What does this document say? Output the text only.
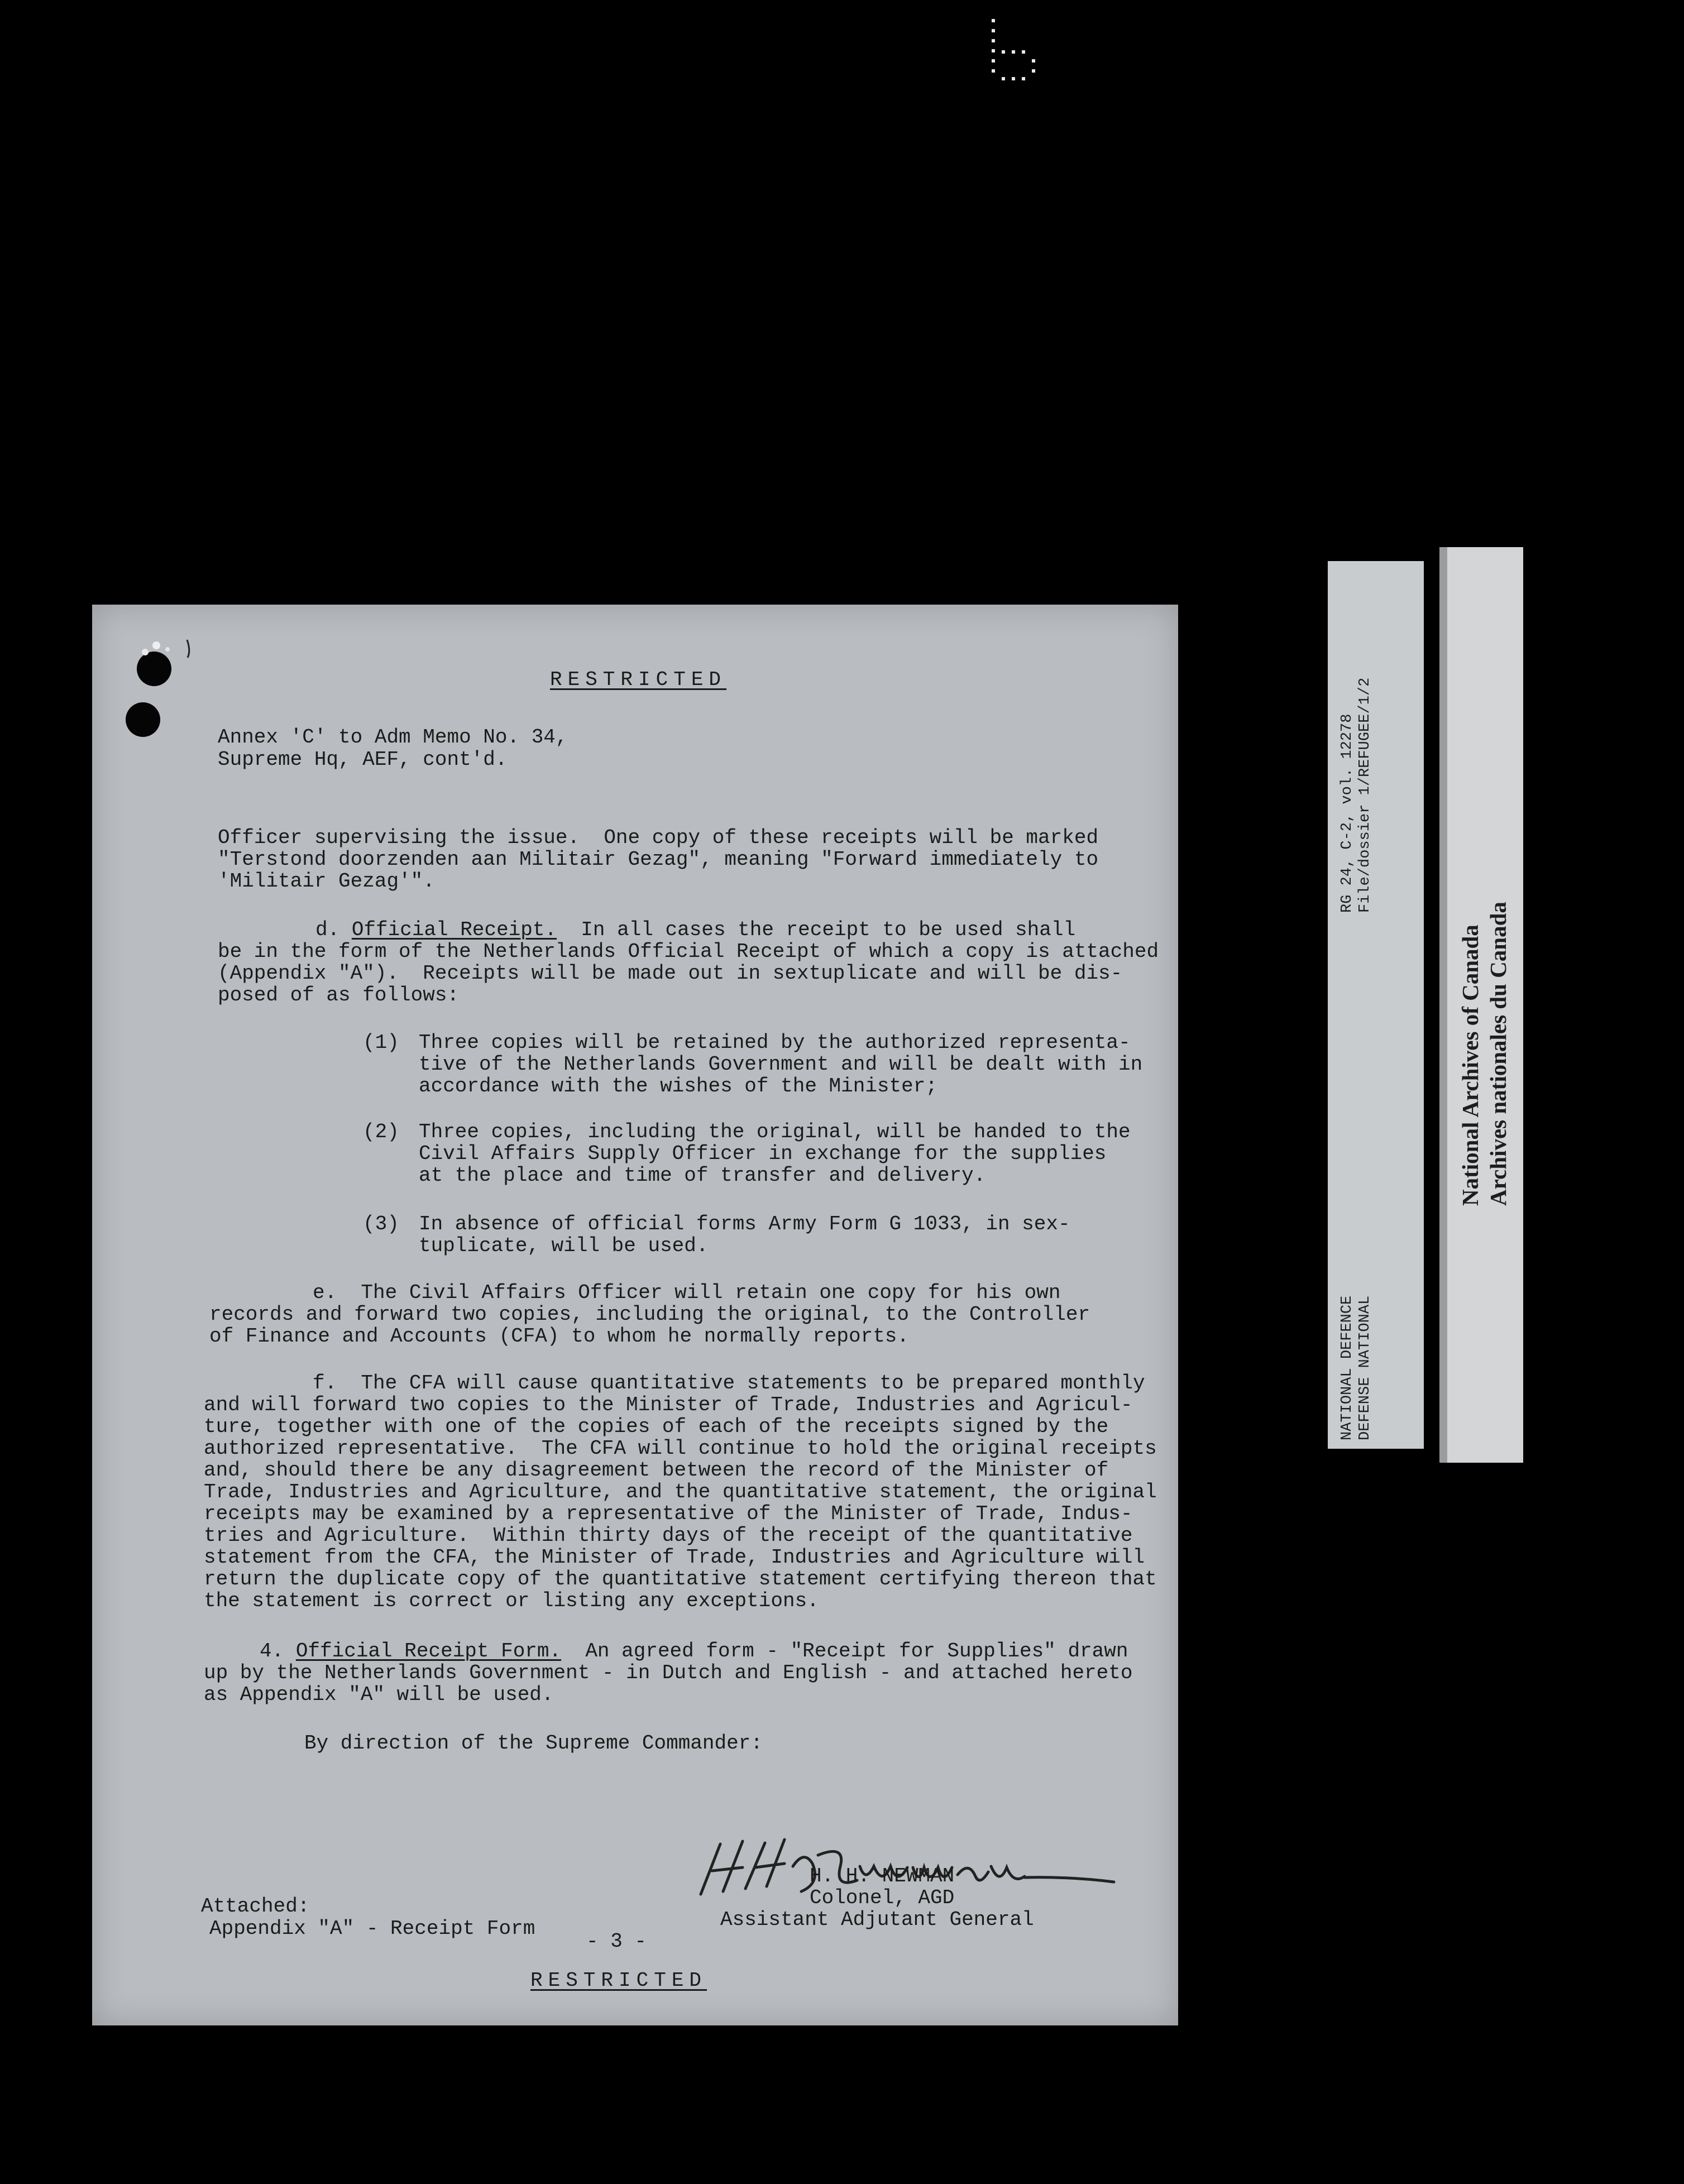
RESTRICTED
Annex 'C' to Adm Memo No. 34,
Supreme Hq, AEF, cont'd.
Officer supervising the issue.  One copy of these receipts will be marked
"Terstond doorzenden aan Militair Gezag", meaning "Forward immediately to
'Militair Gezag'".
d. Official Receipt.  In all cases the receipt to be used shall
be in the form of the Netherlands Official Receipt of which a copy is attached
(Appendix "A").  Receipts will be made out in sextuplicate and will be dis-
posed of as follows:
(1) Three copies will be retained by the authorized representa-
tive of the Netherlands Government and will be dealt with in
accordance with the wishes of the Minister;
(2) Three copies, including the original, will be handed to the
Civil Affairs Supply Officer in exchange for the supplies
at the place and time of transfer and delivery.
(3) In absence of official forms Army Form G 1033, in sex-
tuplicate, will be used.
e.  The Civil Affairs Officer will retain one copy for his own
records and forward two copies, including the original, to the Controller
of Finance and Accounts (CFA) to whom he normally reports.
f.  The CFA will cause quantitative statements to be prepared monthly
and will forward two copies to the Minister of Trade, Industries and Agricul-
ture, together with one of the copies of each of the receipts signed by the
authorized representative.  The CFA will continue to hold the original receipts
and, should there be any disagreement between the record of the Minister of
Trade, Industries and Agriculture, and the quantitative statement, the original
receipts may be examined by a representative of the Minister of Trade, Indus-
tries and Agriculture.  Within thirty days of the receipt of the quantitative
statement from the CFA, the Minister of Trade, Industries and Agriculture will
return the duplicate copy of the quantitative statement certifying thereon that
the statement is correct or listing any exceptions.
4. Official Receipt Form.  An agreed form - "Receipt for Supplies" drawn
up by the Netherlands Government - in Dutch and English - and attached hereto
as Appendix "A" will be used.
By direction of the Supreme Commander:
H. H. NEWMAN
Colonel, AGD
Assistant Adjutant General
Attached:
Appendix "A" - Receipt Form
- 3 -
RESTRICTED
RG 24, C-2, vol. 12278 File/dossier 1/REFUGEE/1/2
NATIONAL DEFENCE DEFENSE NATIONAL
National Archives of Canada Archives nationales du Canada
